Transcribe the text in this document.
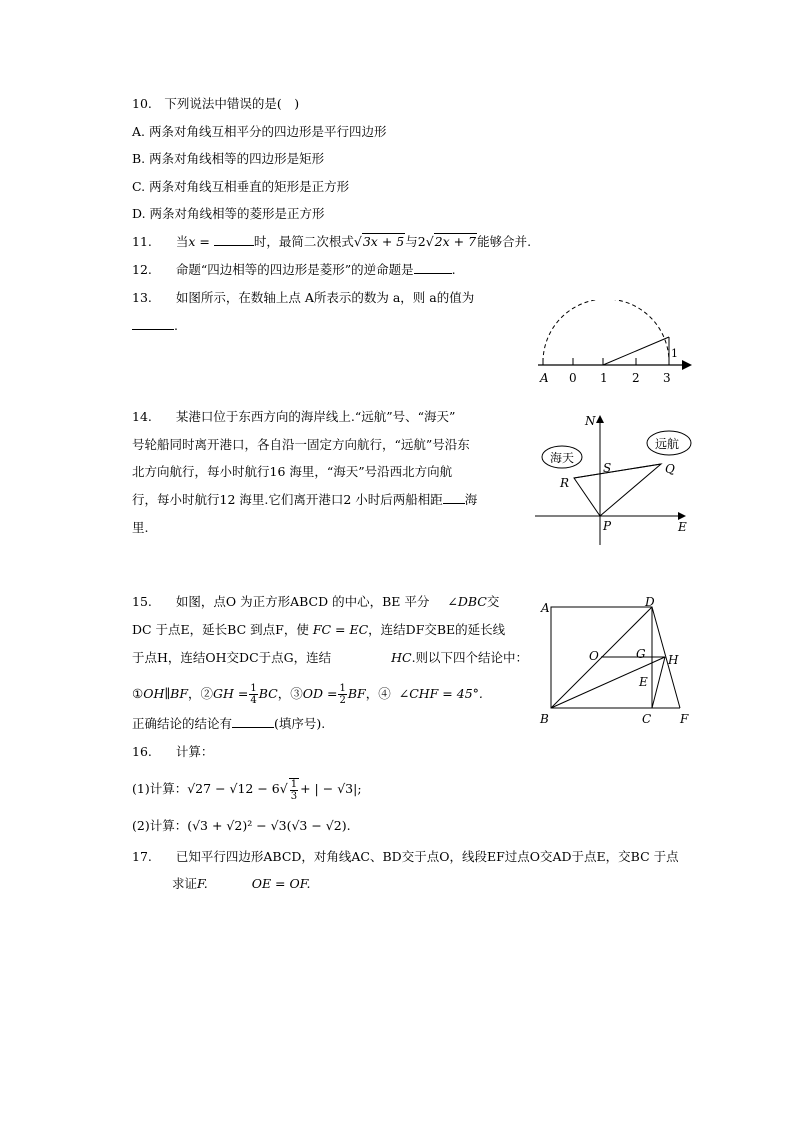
10.　下列说法中错误的是(　)
A. 两条对角线互相平分的四边形是平行四边形
B. 两条对角线相等的四边形是矩形
C. 两条对角线互相垂直的矩形是正方形
D. 两条对角线相等的菱形是正方形
11. 当x =	时，最简二次根式√3x + 5与2√2x + 7能够合并.
12. 命题“四边相等的四边形是菱形”的逆命题是	.
13. 如图所示，在数轴上点 A所表示的数为 a，则 a的值为
.
A 0 1 2 3
1
14. 某港口位于东西方向的海岸线上.“远航”号、“海天”
号轮船同时离开港口，各自沿一固定方向航行，“远航”号沿东
北方向航行，每小时航行16 海里，“海天”号沿西北方向航
行，每小时航行12 海里.它们离开港口2 小时后两船相距 海
里.
海天
远航
N
E
P
R
S	Q
15. 如图，点O 为正方形ABCD 的中心，BE 平分 ∠DBC交
DC 于点E，延长BC 到点F，使 FC = EC，连结DF交BE的延长线
于点H，连结OH交DC于点G，连结	HC.则以下四个结论中：
①OH∥BF，②GH = $\frac{1}{4}$ BC，③OD = $\frac{1}{2}$ BF，④ ∠CHF = 45°.
正确结论的结论有	(填序号).
A	D
O	G H
E
B	C F
16. 计算：
(1)计算：$√27 - √12 - 6√ \frac{1}{3}$ + | − √3|;
(2)计算：(√3 + √2)² − √3(√3 − √2).
17. 已知平行四边形ABCD，对角线AC、BD交于点O，线段EF过点O交AD于点E，交BC 于点
求证F.	OE = OF.
